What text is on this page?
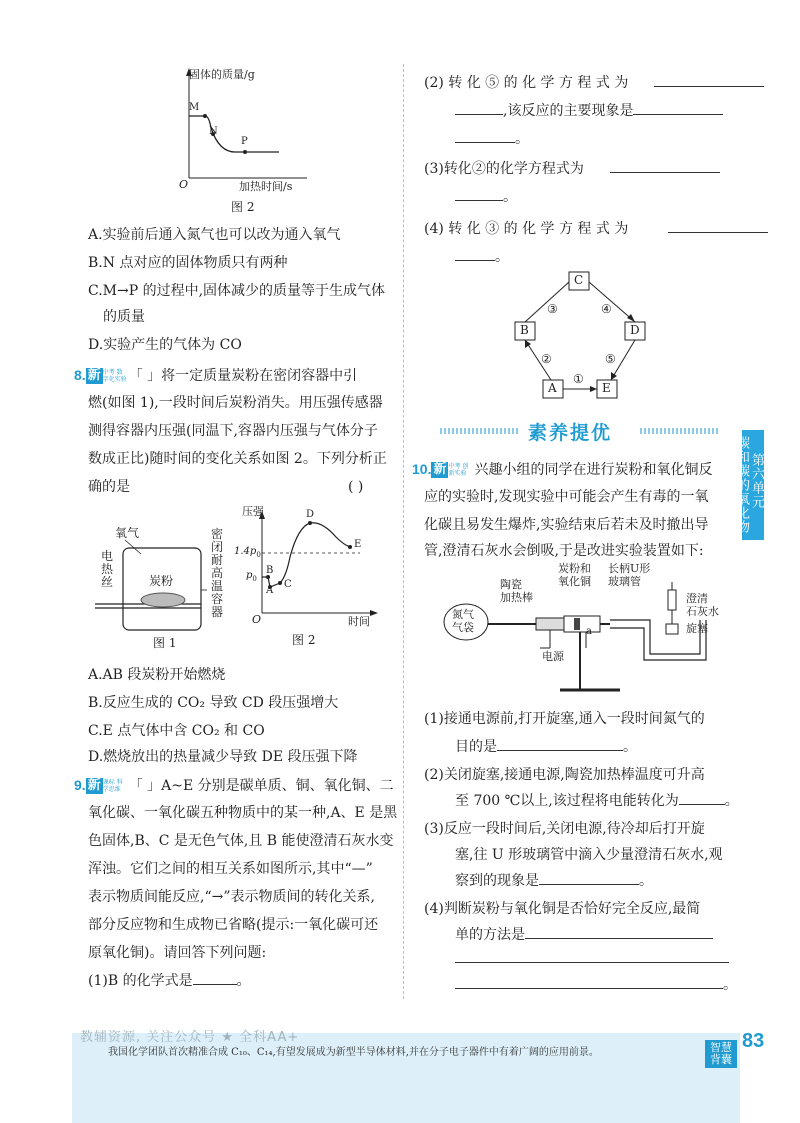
固体的质量/g
加热时间/s
O
M
N
P
图 2
A.实验前后通入氮气也可以改为通入氧气
B.N 点对应的固体物质只有两种
C.M→P 的过程中,固体减少的质量等于生成气体
的质量
D.实验产生的气体为 CO
8. 新 中考 数字化实验 「 」将一定质量炭粉在密闭容器中引
燃(如图 1),一段时间后炭粉消失。用压强传感器
测得容器内压强(同温下,容器内压强与气体分子
数成正比)随时间的变化关系如图 2。下列分析正
确的是	( )
氧气
电
热
丝	炭粉
密
闭
耐
高
温
容
器
图 1
压强
$1.4p_0$
$p_0$
时间
O
A
B
C
D
E
图 2
A.AB 段炭粉开始燃烧
B.反应生成的 CO₂ 导致 CD 段压强增大
C.E 点气体中含 CO₂ 和 CO
D.燃烧放出的热量减少导致 DE 段压强下降
9. 新 课标 科学思维 「 」A~E 分别是碳单质、铜、氧化铜、二
氧化碳、一氧化碳五种物质中的某一种,A、E 是黑
色固体,B、C 是无色气体,且 B 能使澄清石灰水变
浑浊。它们之间的相互关系如图所示,其中“—”
表示物质间能反应,“→”表示物质间的转化关系,
部分反应物和生成物已省略(提示:一氧化碳可还
原氧化铜)。请回答下列问题:
(1)B 的化学式是	。
(2) 转 化 ⑤ 的 化 学 方 程 式 为
,该反应的主要现象是
。
(3)转化②的化学方程式为
。
(4) 转 化 ③ 的 化 学 方 程 式 为
。
C
B	D
A	E
①
②
③	④
⑤
素养提优
第六单元
碳和碳的氧化物
10. 新 中考 创新实验 兴趣小组的同学在进行炭粉和氧化铜反
应的实验时,发现实验中可能会产生有毒的一氧
化碳且易发生爆炸,实验结束后若未及时撤出导
管,澄清石灰水会倒吸,于是改进实验装置如下:
氮气
气袋
陶瓷
加热棒
炭粉和
氧化铜
长柄U形
玻璃管
澄清
石灰水
旋塞
电源
a
(1)接通电源前,打开旋塞,通入一段时间氮气的
目的是	。
(2)关闭旋塞,接通电源,陶瓷加热棒温度可升高
至 700 ℃以上,该过程将电能转化为	。
(3)反应一段时间后,关闭电源,待冷却后打开旋
塞,往 U 形玻璃管中滴入少量澄清石灰水,观
察到的现象是	。
(4)判断炭粉与氧化铜是否恰好完全反应,最简
单的方法是
。
教辅资源, 关注公众号 ★ 全科AA+
我国化学团队首次精准合成 C₁₀、C₁₄,有望发展成为新型半导体材料,并在分子电子器件中有着广阔的应用前景。	智慧背囊
83
